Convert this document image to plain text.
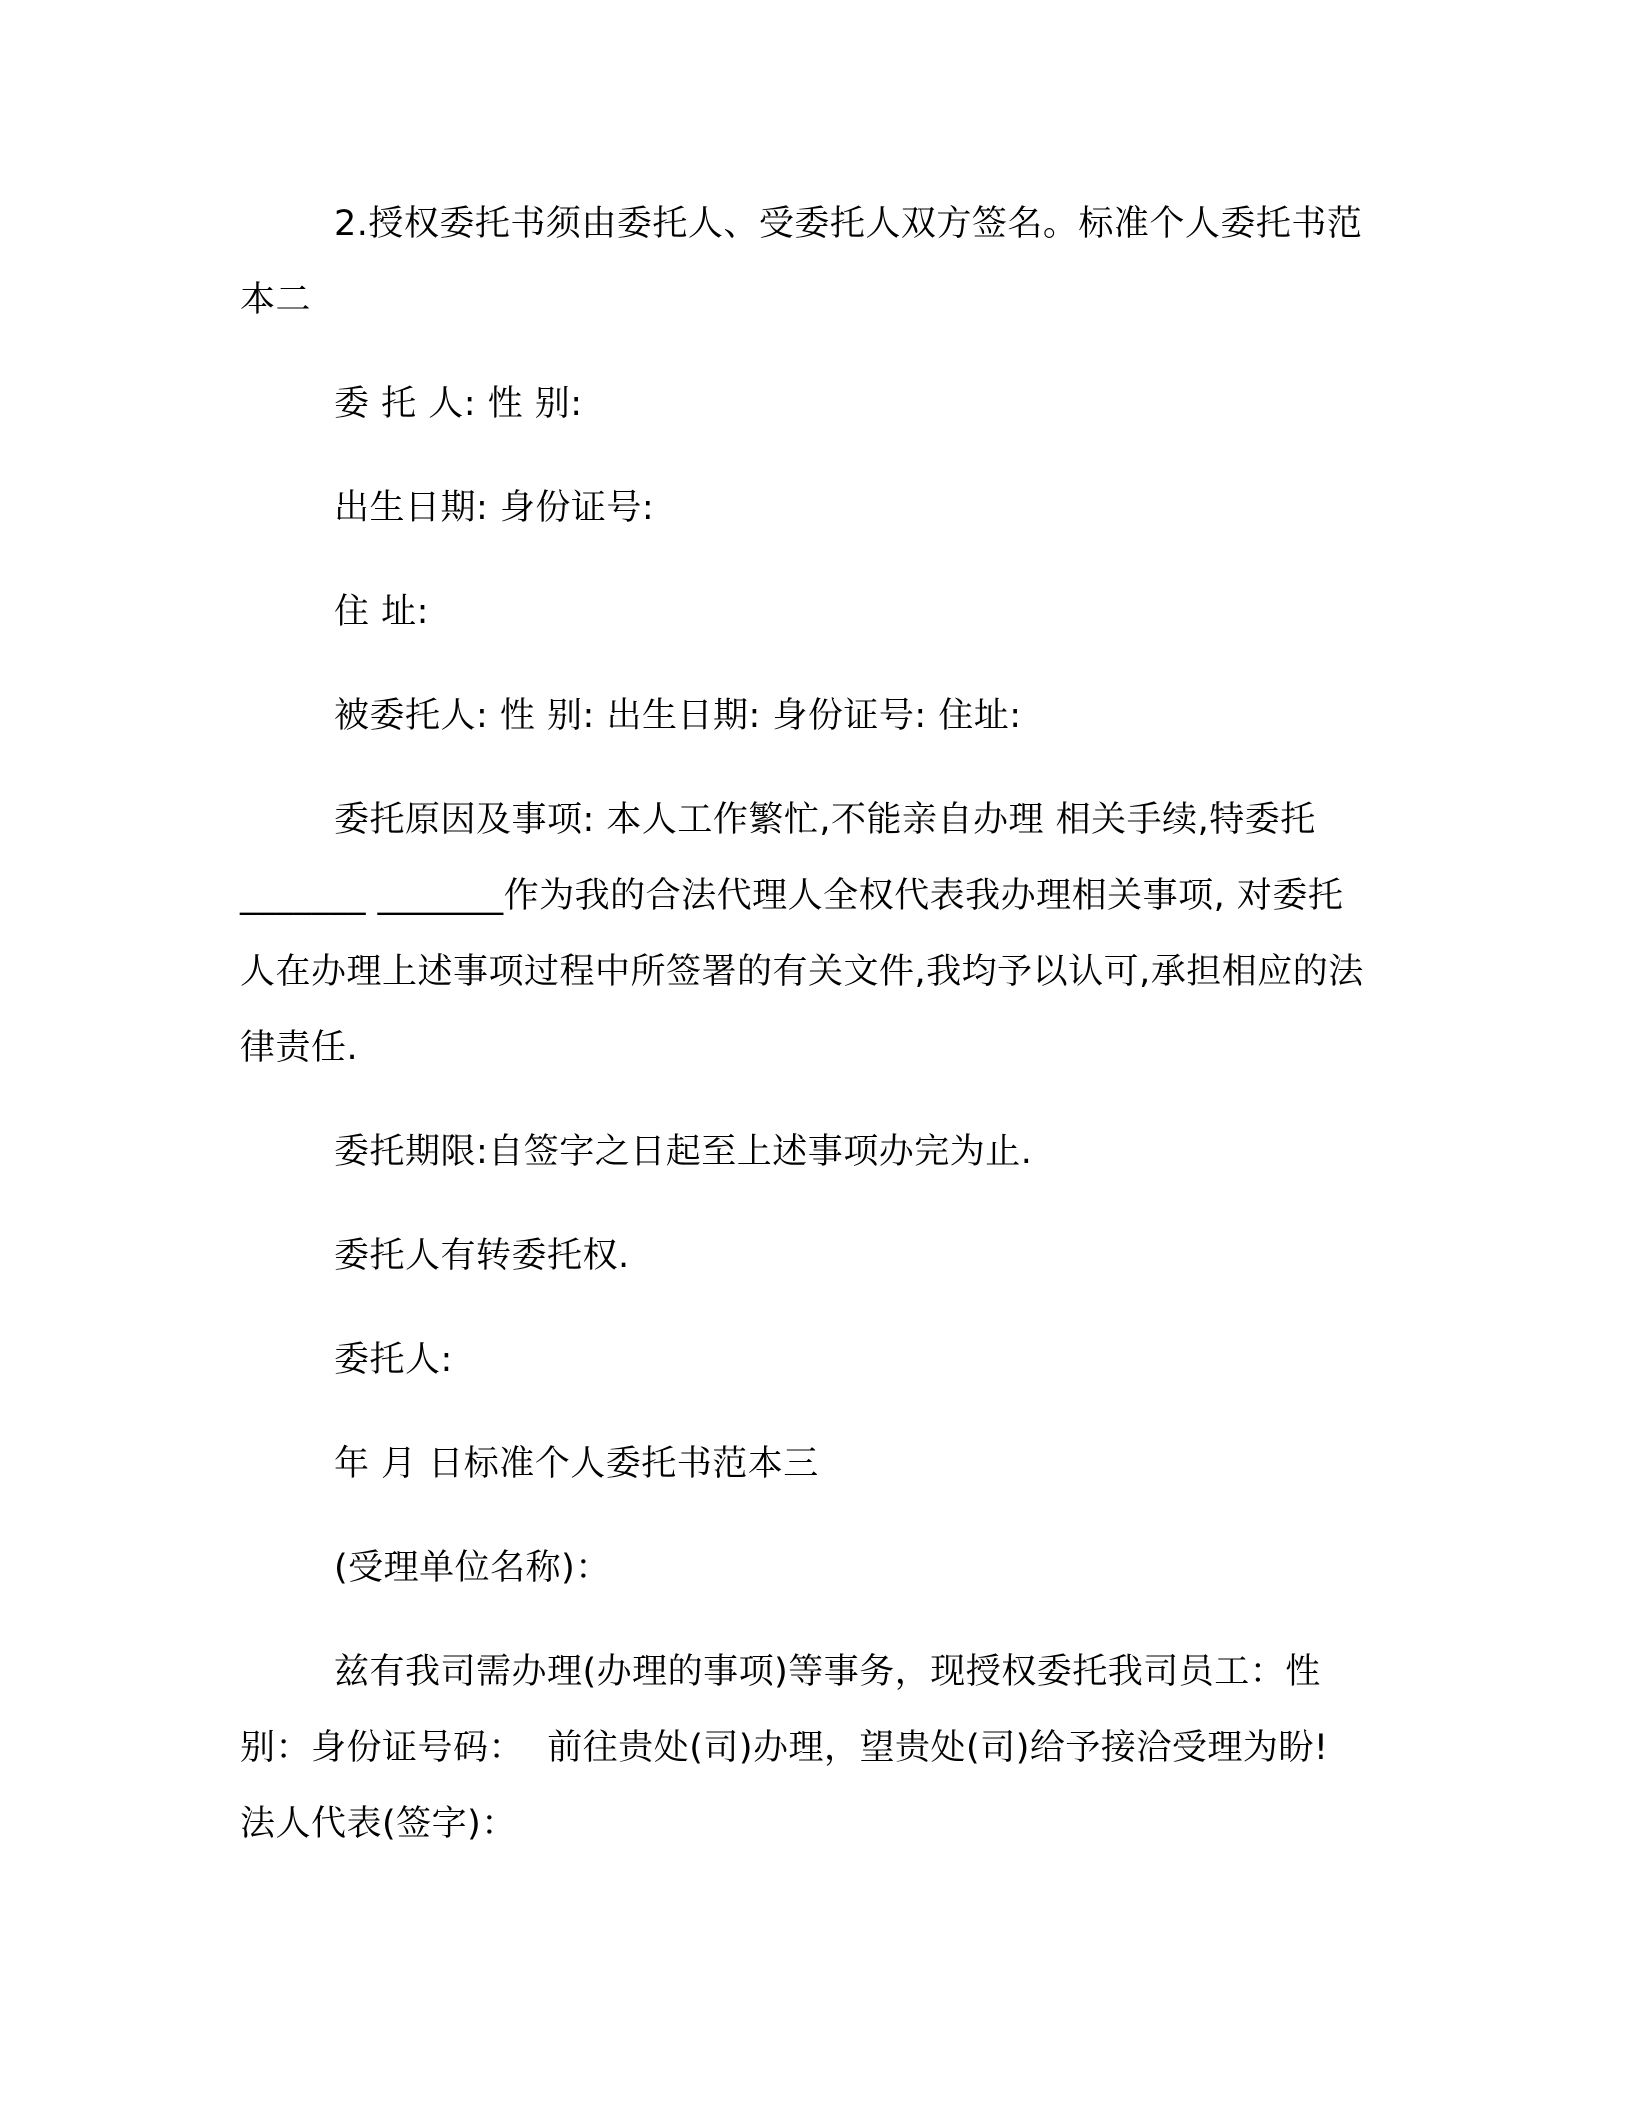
2.授权委托书须由委托人、受委托人双方签名。标准个人委托书范本二

委 托 人: 性 别:

出生日期: 身份证号:

住 址:

被委托人: 性 别: 出生日期: 身份证号: 住址:

委托原因及事项: 本人工作繁忙,不能亲自办理 相关手续,特委托_______ _______作为我的合法代理人全权代表我办理相关事项, 对委托人在办理上述事项过程中所签署的有关文件,我均予以认可,承担相应的法律责任.

委托期限:自签字之日起至上述事项办完为止.

委托人有转委托权.

委托人:

年 月 日标准个人委托书范本三

(受理单位名称)：

兹有我司需办理(办理的事项)等事务，现授权委托我司员工：性别：身份证号码：  前往贵处(司)办理，望贵处(司)给予接洽受理为盼!

法人代表(签字)：
